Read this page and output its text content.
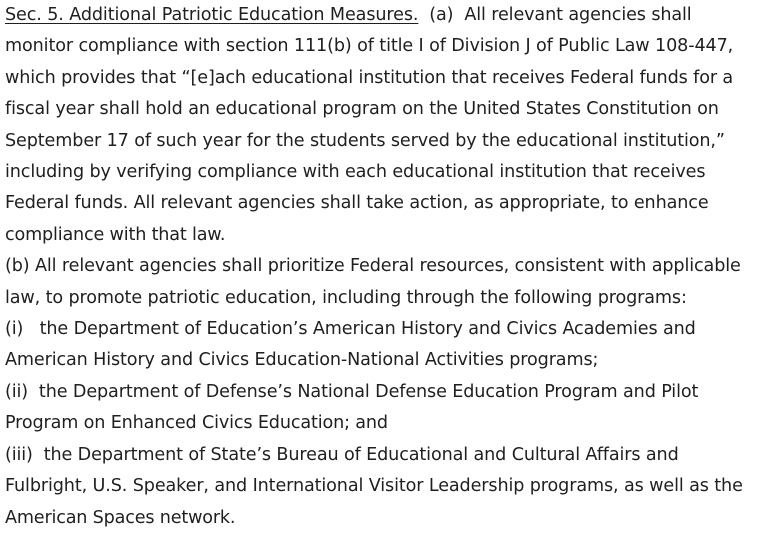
Sec. 5. Additional Patriotic Education Measures.  (a)  All relevant agencies shall

monitor compliance with section 111(b) of title I of Division J of Public Law 108-447,

which provides that “[e]ach educational institution that receives Federal funds for a

fiscal year shall hold an educational program on the United States Constitution on

September 17 of such year for the students served by the educational institution,”

including by verifying compliance with each educational institution that receives

Federal funds. All relevant agencies shall take action, as appropriate, to enhance

compliance with that law.

(b) All relevant agencies shall prioritize Federal resources, consistent with applicable

law, to promote patriotic education, including through the following programs:

(i)   the Department of Education’s American History and Civics Academies and

American History and Civics Education-National Activities programs;

(ii)  the Department of Defense’s National Defense Education Program and Pilot

Program on Enhanced Civics Education; and

(iii)  the Department of State’s Bureau of Educational and Cultural Affairs and

Fulbright, U.S. Speaker, and International Visitor Leadership programs, as well as the

American Spaces network.
